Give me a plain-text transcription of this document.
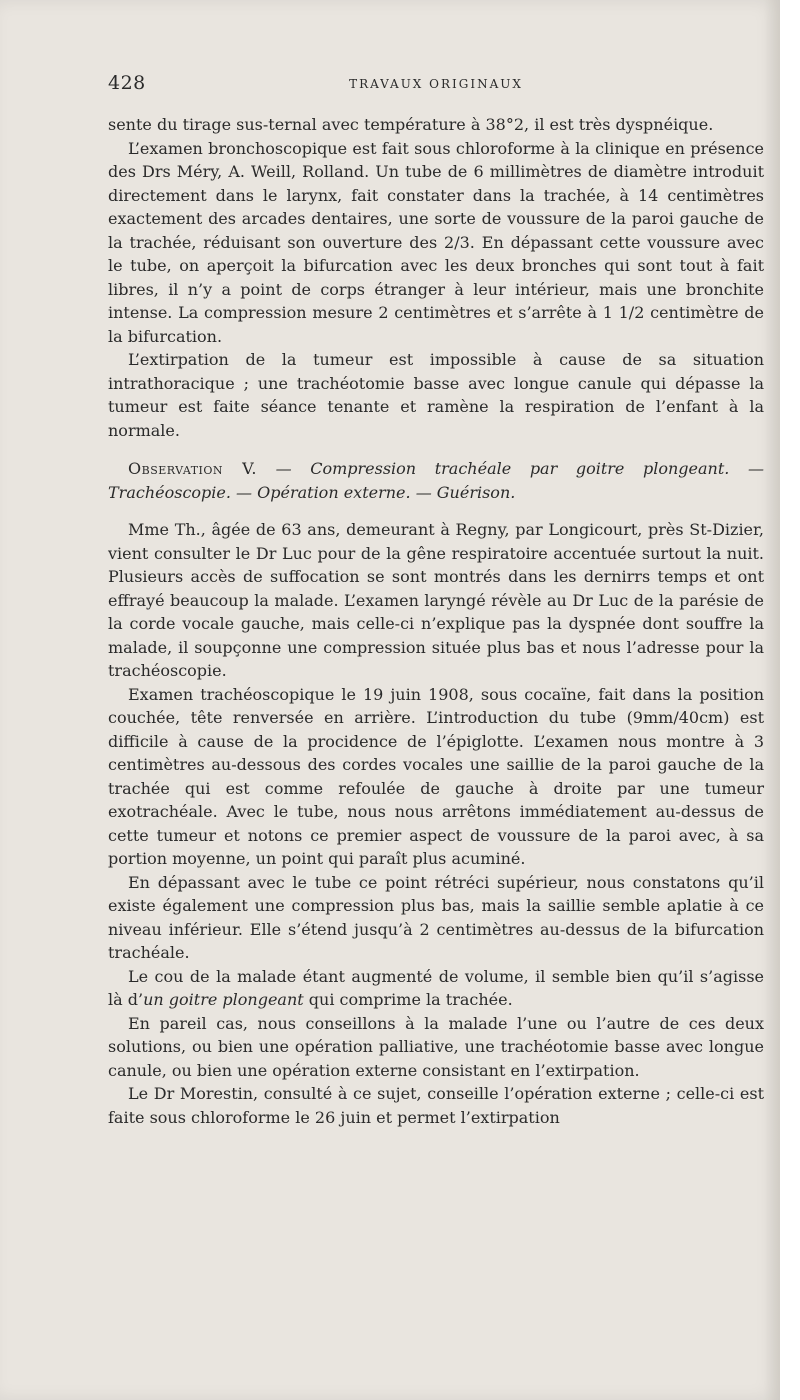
428	TRAVAUX ORIGINAUX

sente du tirage sus-ternal avec température à 38°2, il est très dyspnéique.

L’examen bronchoscopique est fait sous chloroforme à la clinique en présence des Drs Méry, A. Weill, Rolland. Un tube de 6 millimètres de diamètre introduit directement dans le larynx, fait constater dans la trachée, à 14 centimètres exactement des arcades dentaires, une sorte de voussure de la paroi gauche de la trachée, réduisant son ouverture des 2/3. En dépassant cette voussure avec le tube, on aperçoit la bifurcation avec les deux bronches qui sont tout à fait libres, il n’y a point de corps étranger à leur intérieur, mais une bronchite intense. La compression mesure 2 centimètres et s’arrête à 1 1/2 centimètre de la bifurcation.

L’extirpation de la tumeur est impossible à cause de sa situation intrathoracique ; une trachéotomie basse avec longue canule qui dépasse la tumeur est faite séance tenante et ramène la respiration de l’enfant à la normale.

Observation V. — Compression trachéale par goitre plongeant. — Trachéoscopie. — Opération externe. — Guérison.

Mme Th., âgée de 63 ans, demeurant à Regny, par Longicourt, près St-Dizier, vient consulter le Dr Luc pour de la gêne respiratoire accentuée surtout la nuit. Plusieurs accès de suffocation se sont montrés dans les dernirrs temps et ont effrayé beaucoup la malade. L’examen laryngé révèle au Dr Luc de la parésie de la corde vocale gauche, mais celle-ci n’explique pas la dyspnée dont souffre la malade, il soupçonne une compression située plus bas et nous l’adresse pour la trachéoscopie.

Examen trachéoscopique le 19 juin 1908, sous cocaïne, fait dans la position couchée, tête renversée en arrière. L’introduction du tube (9mm/40cm) est difficile à cause de la procidence de l’épiglotte. L’examen nous montre à 3 centimètres au-dessous des cordes vocales une saillie de la paroi gauche de la trachée qui est comme refoulée de gauche à droite par une tumeur exotrachéale. Avec le tube, nous nous arrêtons immédiatement au-dessus de cette tumeur et notons ce premier aspect de voussure de la paroi avec, à sa portion moyenne, un point qui paraît plus acuminé.

En dépassant avec le tube ce point rétréci supérieur, nous constatons qu’il existe également une compression plus bas, mais la saillie semble aplatie à ce niveau inférieur. Elle s’étend jusqu’à 2 centimètres au-dessus de la bifurcation trachéale.

Le cou de la malade étant augmenté de volume, il semble bien qu’il s’agisse là d’un goitre plongeant qui comprime la trachée.

En pareil cas, nous conseillons à la malade l’une ou l’autre de ces deux solutions, ou bien une opération palliative, une trachéotomie basse avec longue canule, ou bien une opération externe consistant en l’extirpation.

Le Dr Morestin, consulté à ce sujet, conseille l’opération externe ; celle-ci est faite sous chloroforme le 26 juin et permet l’extirpation
